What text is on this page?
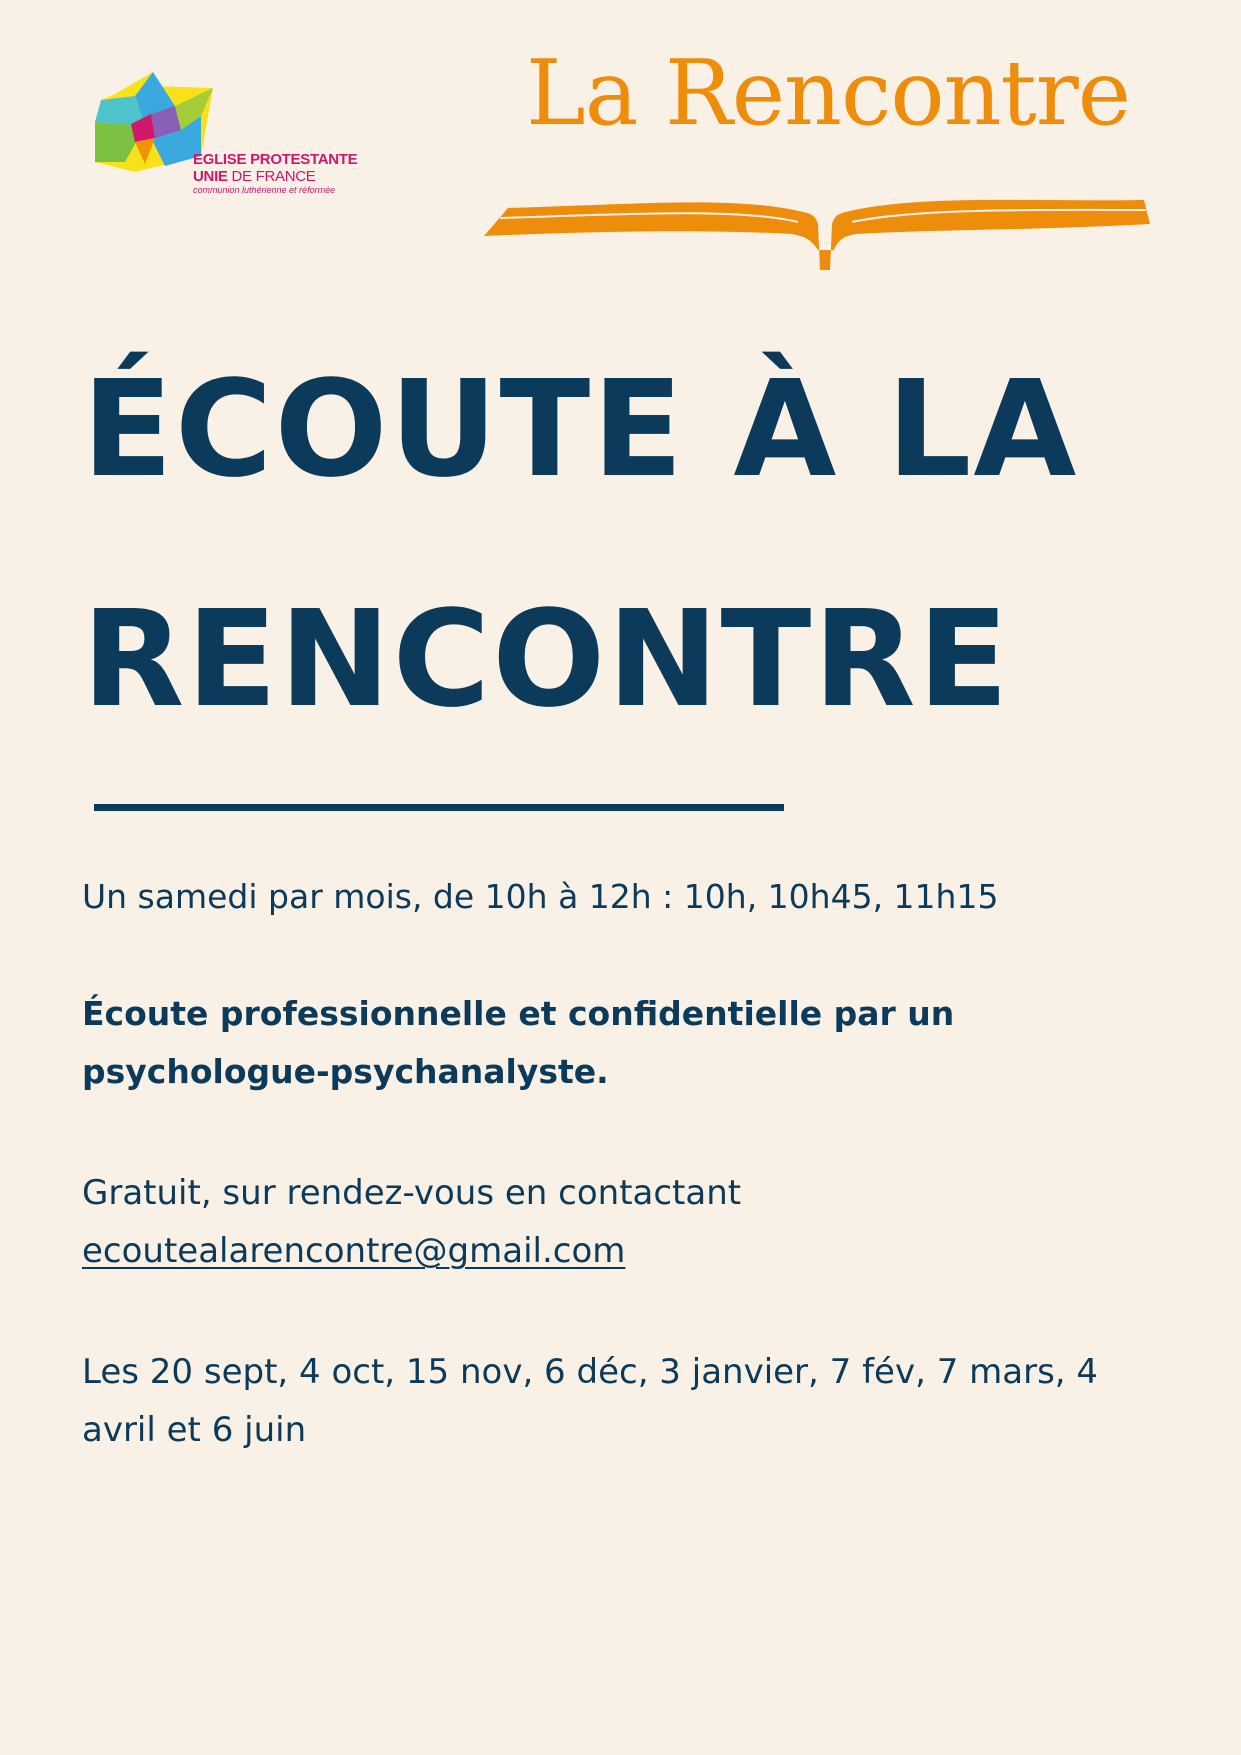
EGLISE PROTESTANTE
UNIE DE FRANCE
communion luthérienne et réformée
La Rencontre
ÉCOUTE À LA
RENCONTRE

Un samedi par mois, de 10h à 12h : 10h, 10h45, 11h15

Écoute professionnelle et confidentielle par un psychologue-psychanalyste.

Gratuit, sur rendez-vous en contactant
ecoutealarencontre@gmail.com

Les 20 sept, 4 oct, 15 nov, 6 déc, 3 janvier, 7 fév, 7 mars, 4 avril et 6 juin
